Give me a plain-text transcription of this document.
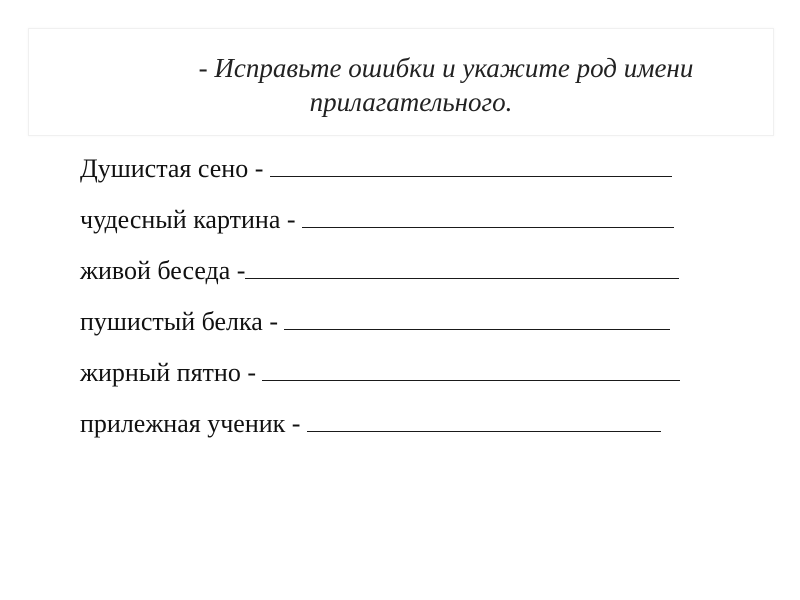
- Исправьте ошибки и укажите род имени
прилагательного.
Душистая сено -
чудесный картина -
живой беседа -
пушистый белка -
жирный пятно -
прилежная ученик -
